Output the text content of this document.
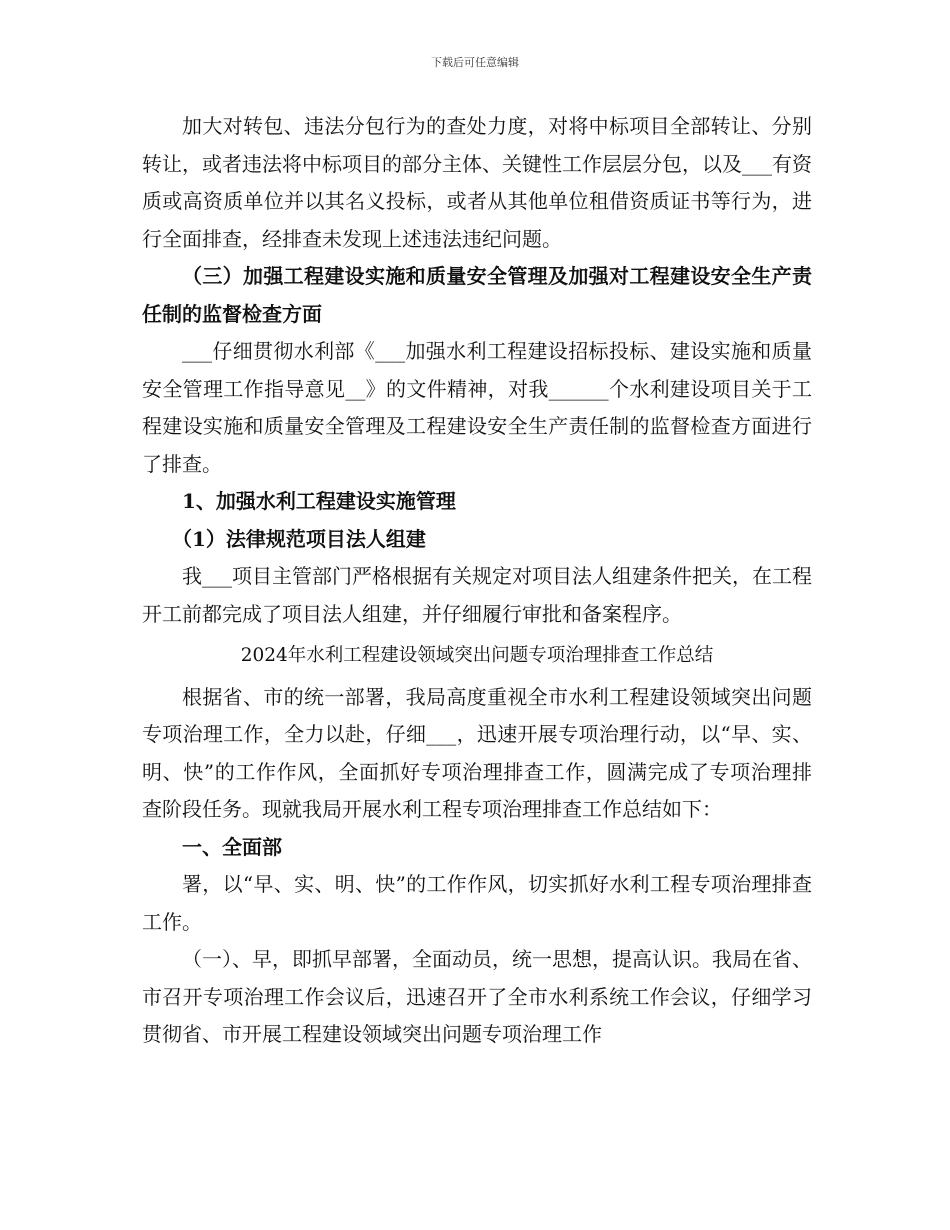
下载后可任意编辑

加大对转包、违法分包行为的查处力度，对将中标项目全部转让、分别转让，或者违法将中标项目的部分主体、关键性工作层层分包，以及___有资质或高资质单位并以其名义投标，或者从其他单位租借资质证书等行为，进行全面排查，经排查未发现上述违法违纪问题。

（三）加强工程建设实施和质量安全管理及加强对工程建设安全生产责任制的监督检查方面

___仔细贯彻水利部《___加强水利工程建设招标投标、建设实施和质量安全管理工作指导意见__》的文件精神，对我______个水利建设项目关于工程建设实施和质量安全管理及工程建设安全生产责任制的监督检查方面进行了排查。

1、加强水利工程建设实施管理

（1）法律规范项目法人组建

我___项目主管部门严格根据有关规定对项目法人组建条件把关，在工程开工前都完成了项目法人组建，并仔细履行审批和备案程序。

2024年水利工程建设领域突出问题专项治理排查工作总结

根据省、市的统一部署，我局高度重视全市水利工程建设领域突出问题专项治理工作，全力以赴，仔细___，迅速开展专项治理行动，以“早、实、明、快”的工作作风，全面抓好专项治理排查工作，圆满完成了专项治理排查阶段任务。现就我局开展水利工程专项治理排查工作总结如下：

一、全面部

署，以“早、实、明、快”的工作作风，切实抓好水利工程专项治理排查工作。

（一）、早，即抓早部署，全面动员，统一思想，提高认识。我局在省、市召开专项治理工作会议后，迅速召开了全市水利系统工作会议，仔细学习贯彻省、市开展工程建设领域突出问题专项治理工作
